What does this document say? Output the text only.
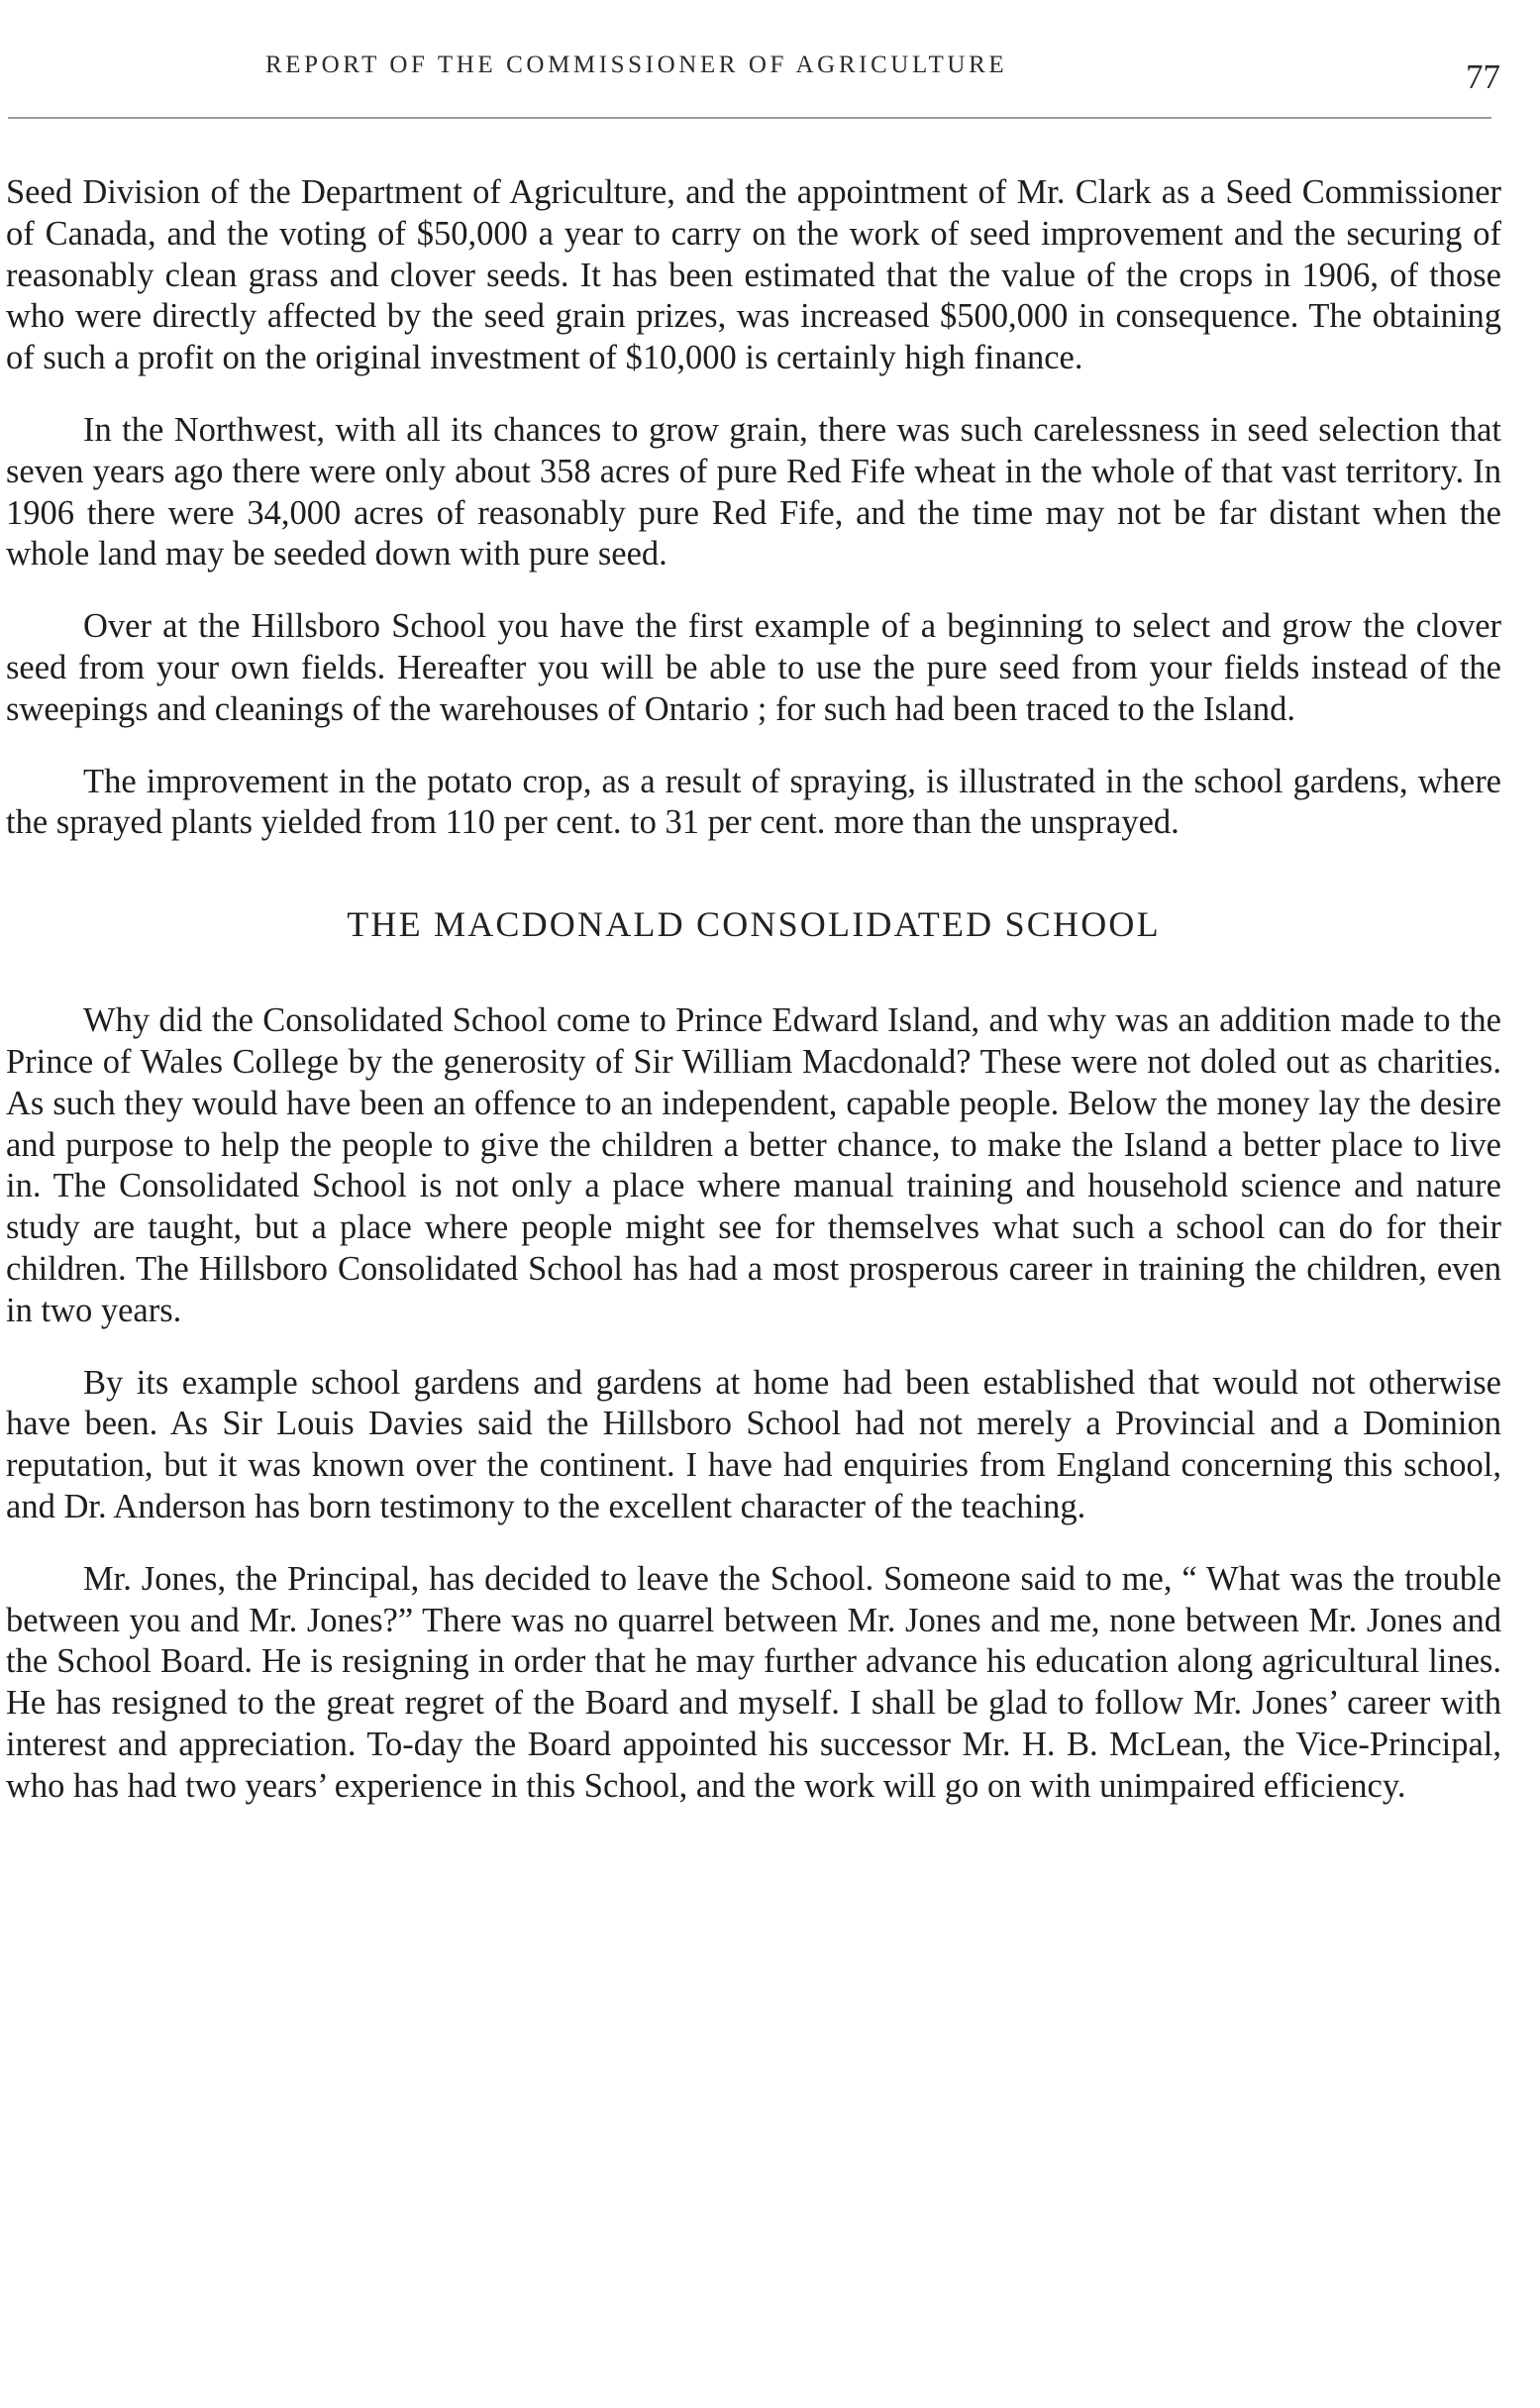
REPORT OF THE COMMISSIONER OF AGRICULTURE	77

Seed Division of the Department of Agriculture, and the appointment of Mr. Clark as a Seed Commissioner of Canada, and the voting of $50,000 a year to carry on the work of seed improvement and the securing of reasonably clean grass and clover seeds. It has been estimated that the value of the crops in 1906, of those who were directly affected by the seed grain prizes, was increased $500,000 in consequence. The obtaining of such a profit on the original investment of $10,000 is certainly high finance.

In the Northwest, with all its chances to grow grain, there was such carelessness in seed selection that seven years ago there were only about 358 acres of pure Red Fife wheat in the whole of that vast territory. In 1906 there were 34,000 acres of reasonably pure Red Fife, and the time may not be far distant when the whole land may be seeded down with pure seed.

Over at the Hillsboro School you have the first example of a beginning to select and grow the clover seed from your own fields. Hereafter you will be able to use the pure seed from your fields instead of the sweepings and cleanings of the warehouses of Ontario ; for such had been traced to the Island.

The improvement in the potato crop, as a result of spraying, is illustrated in the school gardens, where the sprayed plants yielded from 110 per cent. to 31 per cent. more than the unsprayed.

THE MACDONALD CONSOLIDATED SCHOOL

Why did the Consolidated School come to Prince Edward Island, and why was an addition made to the Prince of Wales College by the generosity of Sir William Macdonald? These were not doled out as charities. As such they would have been an offence to an independent, capable people. Below the money lay the desire and purpose to help the people to give the children a better chance, to make the Island a better place to live in. The Consolidated School is not only a place where manual training and household science and nature study are taught, but a place where people might see for themselves what such a school can do for their children. The Hillsboro Consolidated School has had a most prosperous career in training the children, even in two years.

By its example school gardens and gardens at home had been established that would not otherwise have been. As Sir Louis Davies said the Hillsboro School had not merely a Provincial and a Dominion reputation, but it was known over the continent. I have had enquiries from England concerning this school, and Dr. Anderson has born testimony to the excellent character of the teaching.

Mr. Jones, the Principal, has decided to leave the School. Someone said to me, “ What was the trouble between you and Mr. Jones?” There was no quarrel between Mr. Jones and me, none between Mr. Jones and the School Board. He is resigning in order that he may further advance his education along agricultural lines. He has resigned to the great regret of the Board and myself. I shall be glad to follow Mr. Jones’ career with interest and appreciation. To-day the Board appointed his successor Mr. H. B. McLean, the Vice-Principal, who has had two years’ experience in this School, and the work will go on with unimpaired efficiency.
